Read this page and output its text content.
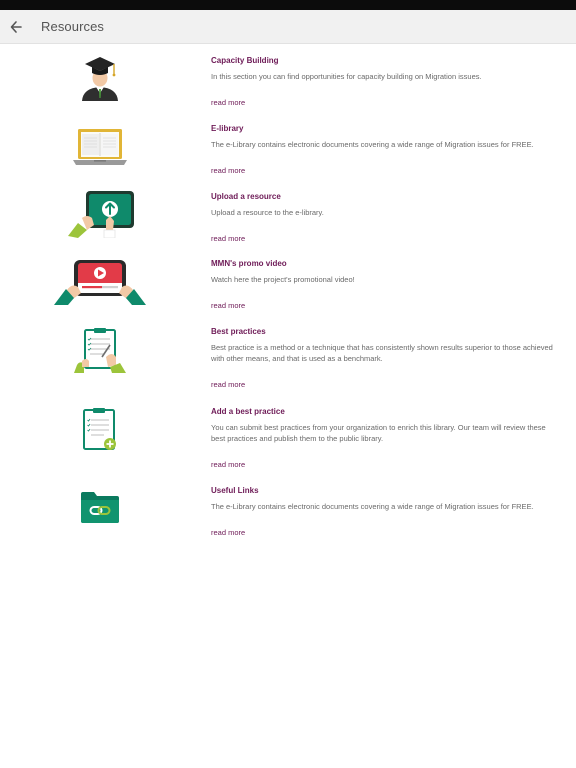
Resources
Capacity Building
In this section you can find opportunities for capacity building on Migration issues.
read more
E-library
The e-Library contains electronic documents covering a wide range of Migration issues for FREE.
read more
Upload a resource
Upload a resource to the e-library.
read more
MMN's promo video
Watch here the project's promotional video!
read more
Best practices
Best practice is a method or a technique that has consistently shown results superior to those achieved with other means, and that is used as a benchmark.
read more
Add a best practice
You can submit best practices from your organization to enrich this library. Our team will review these best practices and publish them to the public library.
read more
Useful Links
The e-Library contains electronic documents covering a wide range of Migration issues for FREE.
read more
